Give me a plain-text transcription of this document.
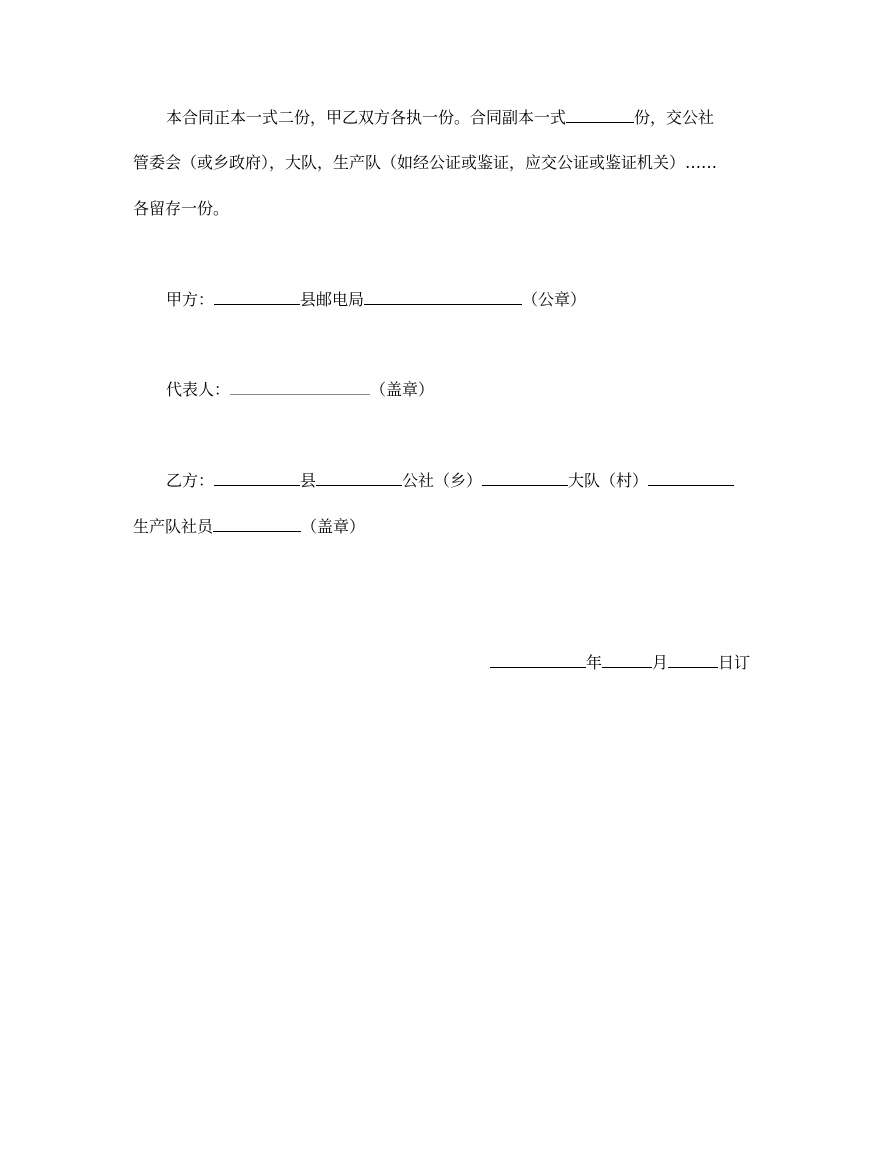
本合同正本一式二份，甲乙双方各执一份。合同副本一式	份，交公社
管委会（或乡政府），大队，生产队（如经公证或鉴证，应交公证或鉴证机关）……
各留存一份。
甲方：	县邮电局	（公章）
代表人：	（盖章）
乙方：	县	公社（乡）	大队（村）
生产队社员	（盖章）
年	月	日订
